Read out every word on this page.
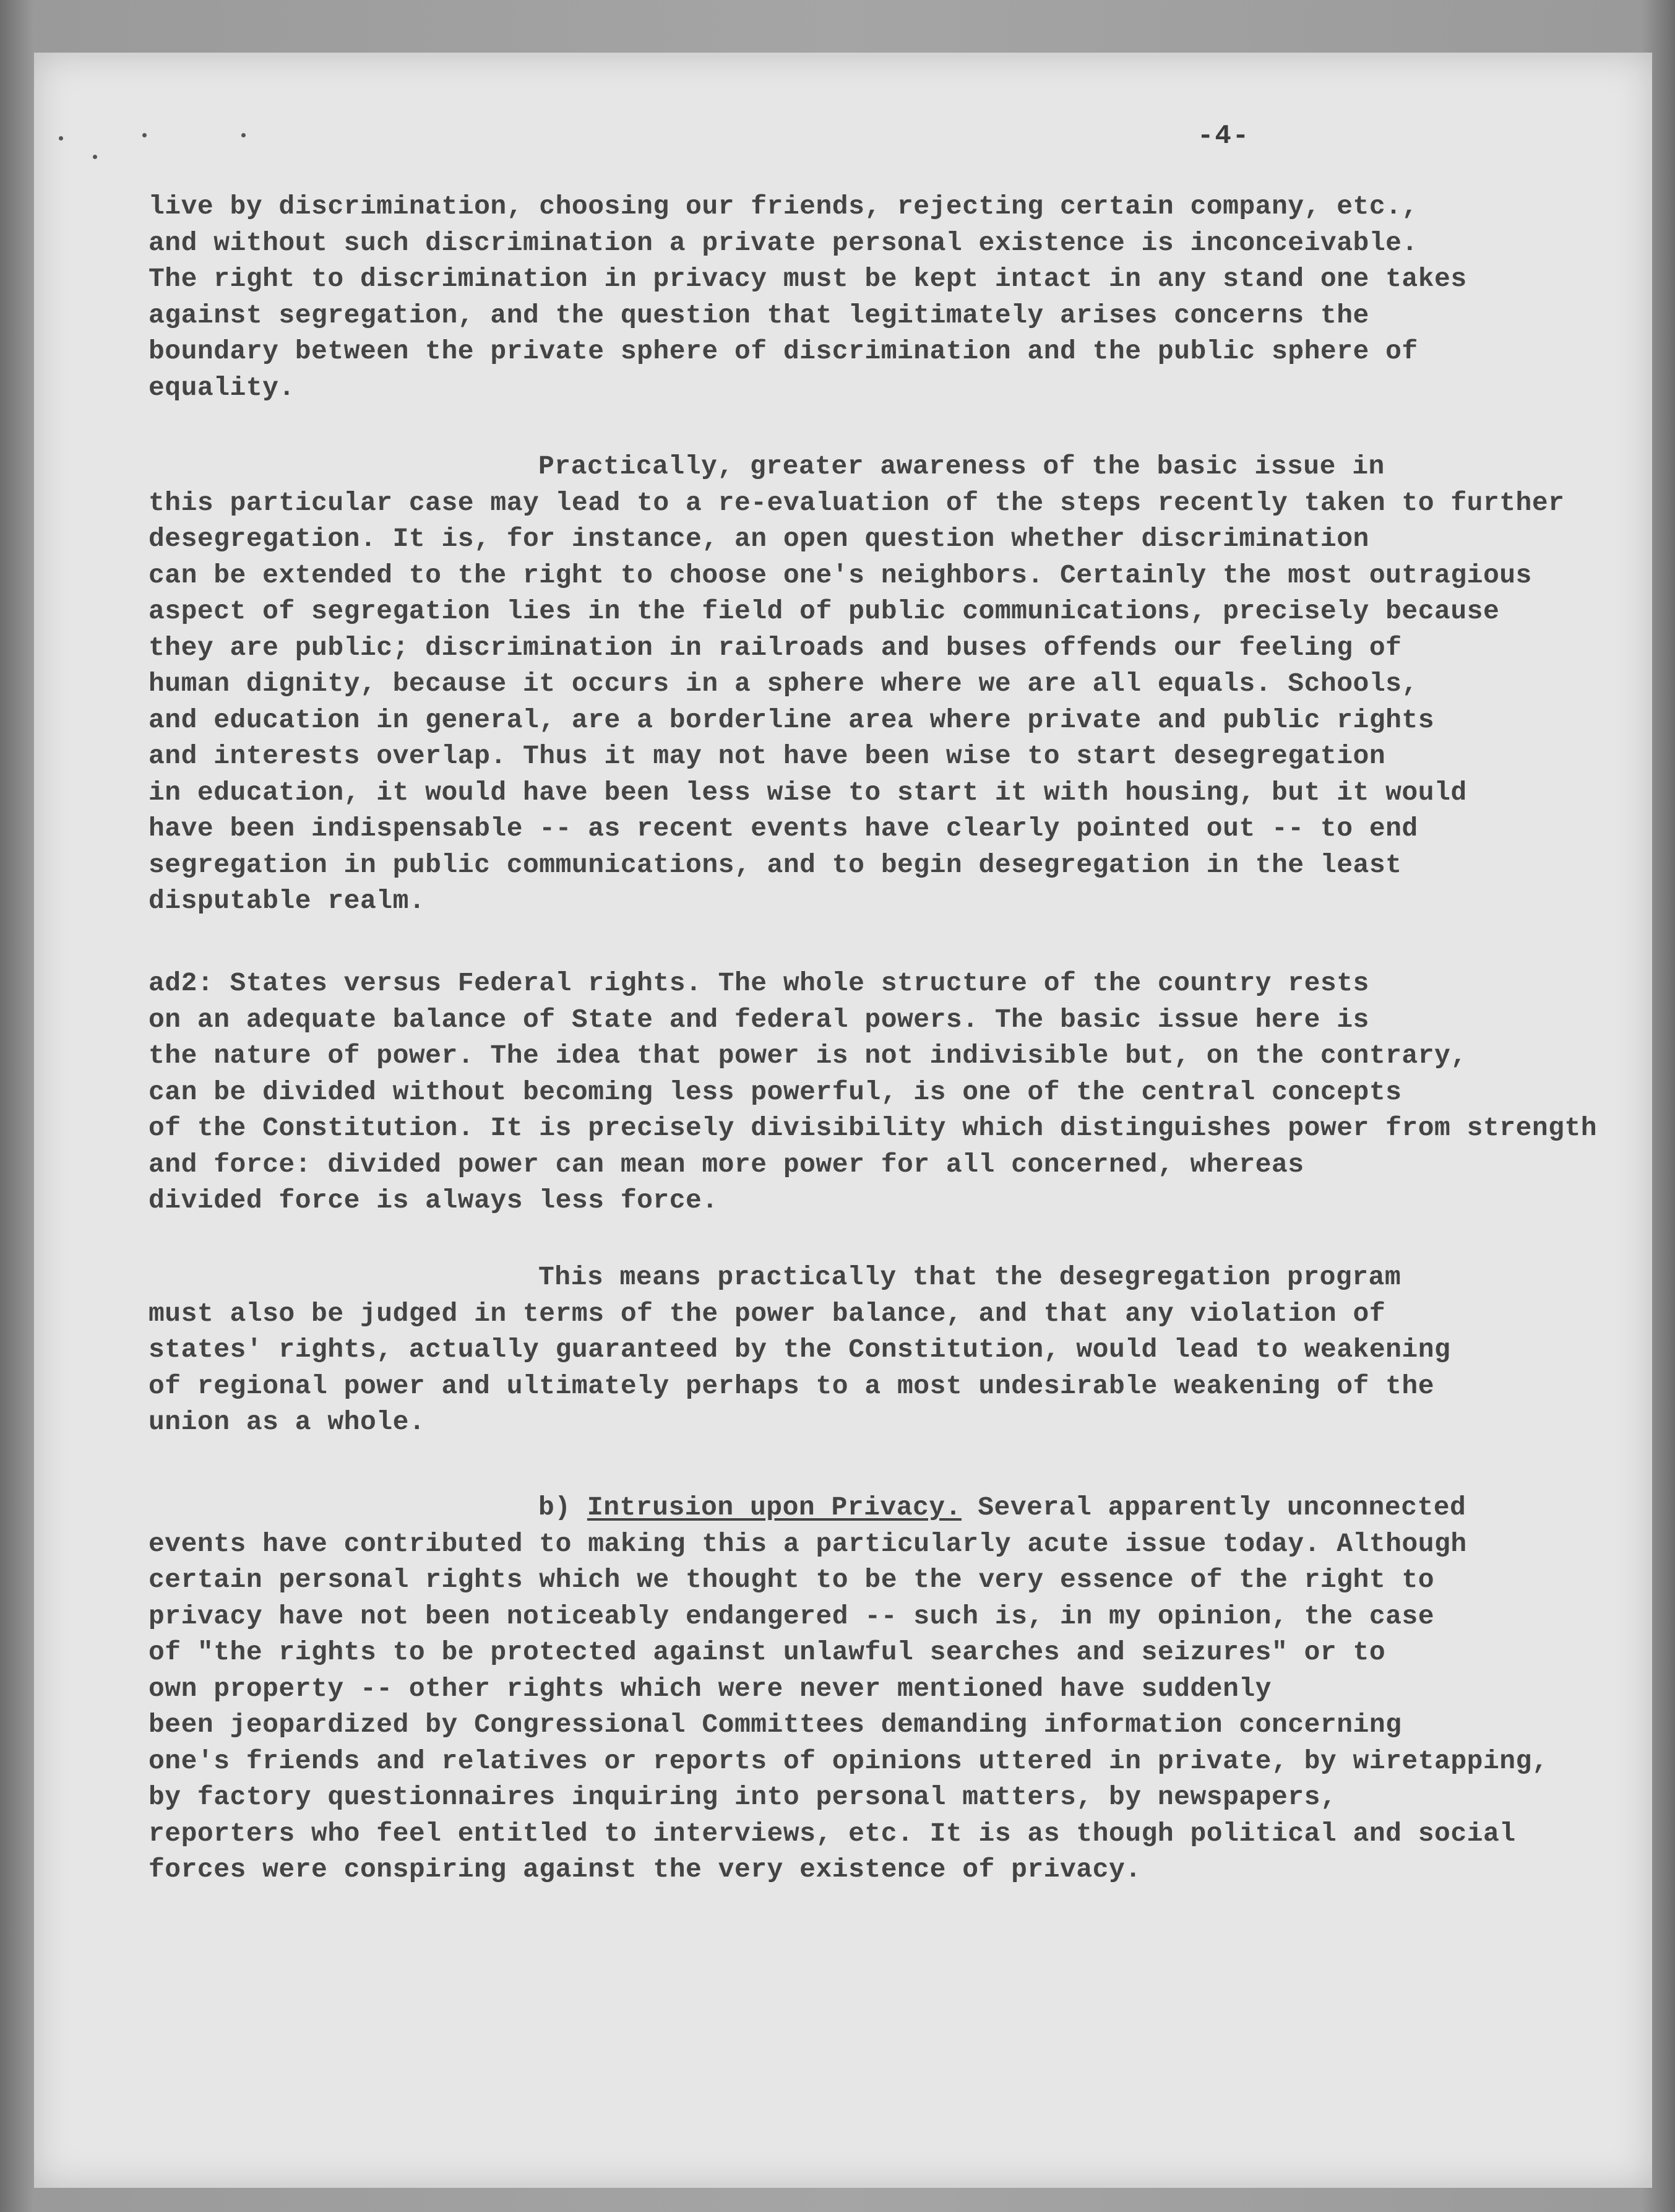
-4-
live by discrimination, choosing our friends, rejecting certain company, etc.,
and without such discrimination a private personal existence is inconceivable.
The right to discrimination in privacy must be kept intact in any stand one takes
against segregation, and the question that legitimately arises concerns the
boundary between the private sphere of discrimination and the public sphere of
equality.
Practically, greater awareness of the basic issue in
this particular case may lead to a re-evaluation of the steps recently taken to further
desegregation. It is, for instance, an open question whether discrimination
can be extended to the right to choose one's neighbors. Certainly the most outragious
aspect of segregation lies in the field of public communications, precisely because
they are public; discrimination in railroads and buses offends our feeling of
human dignity, because it occurs in a sphere where we are all equals. Schools,
and education in general, are a borderline area where private and public rights
and interests overlap. Thus it may not have been wise to start desegregation
in education, it would have been less wise to start it with housing, but it would
have been indispensable -- as recent events have clearly pointed out -- to end
segregation in public communications, and to begin desegregation in the least
disputable realm.
ad2: States versus Federal rights. The whole structure of the country rests
on an adequate balance of State and federal powers. The basic issue here is
the nature of power. The idea that power is not indivisible but, on the contrary,
can be divided without becoming less powerful, is one of the central concepts
of the Constitution. It is precisely divisibility which distinguishes power from strength
and force: divided power can mean more power for all concerned, whereas
divided force is always less force.
This means practically that the desegregation program
must also be judged in terms of the power balance, and that any violation of
states' rights, actually guaranteed by the Constitution, would lead to weakening
of regional power and ultimately perhaps to a most undesirable weakening of the
union as a whole.
b) Intrusion upon Privacy. Several apparently unconnected
events have contributed to making this a particularly acute issue today. Although
certain personal rights which we thought to be the very essence of the right to
privacy have not been noticeably endangered -- such is, in my opinion, the case
of "the rights to be protected against unlawful searches and seizures" or to
own property -- other rights which were never mentioned have suddenly
been jeopardized by Congressional Committees demanding information concerning
one's friends and relatives or reports of opinions uttered in private, by wiretapping,
by factory questionnaires inquiring into personal matters, by newspapers,
reporters who feel entitled to interviews, etc. It is as though political and social
forces were conspiring against the very existence of privacy.
